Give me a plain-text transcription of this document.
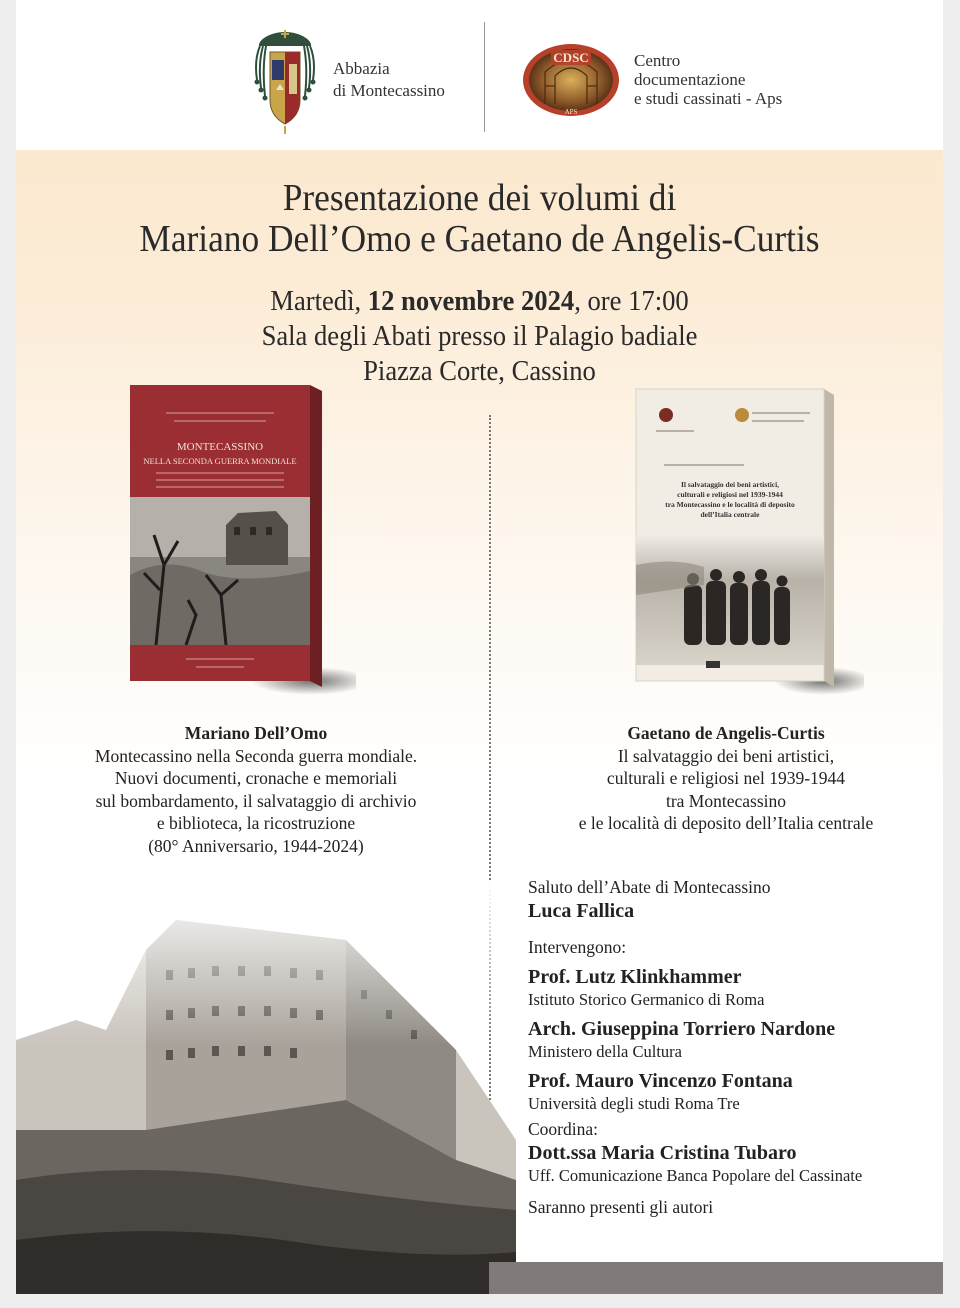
Abbazia
di Montecassino
CDSC
APS
Centro
documentazione
e studi cassinati - Aps
Presentazione dei volumi di
Mariano Dell’Omo e Gaetano de Angelis-Curtis
Martedì, 12 novembre 2024, ore 17:00
Sala degli Abati presso il Palagio badiale
Piazza Corte, Cassino
MONTECASSINO
NELLA SECONDA GUERRA MONDIALE
Il salvataggio dei beni artistici,
culturali e religiosi nel 1939-1944
tra Montecassino e le località di deposito
dell’Italia centrale
Mariano Dell’Omo
Montecassino nella Seconda guerra mondiale.
Nuovi documenti, cronache e memoriali
sul bombardamento, il salvataggio di archivio
e biblioteca, la ricostruzione
(80° Anniversario, 1944-2024)
Gaetano de Angelis-Curtis
Il salvataggio dei beni artistici,
culturali e religiosi nel 1939-1944
tra Montecassino
e le località di deposito dell’Italia centrale
Saluto dell’Abate di Montecassino
Luca Fallica
Intervengono:
Prof. Lutz Klinkhammer
Istituto Storico Germanico di Roma
Arch. Giuseppina Torriero Nardone
Ministero della Cultura
Prof. Mauro Vincenzo Fontana
Università degli studi Roma Tre
Coordina:
Dott.ssa Maria Cristina Tubaro
Uff. Comunicazione Banca Popolare del Cassinate
Saranno presenti gli autori
